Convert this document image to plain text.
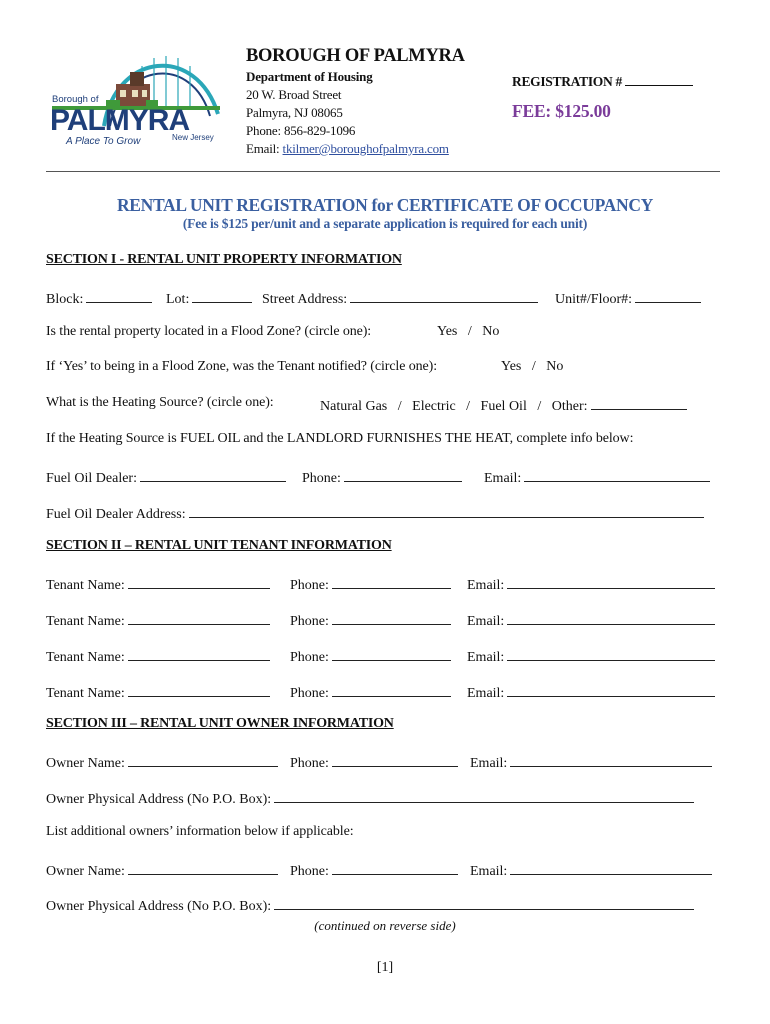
Borough of
PALMYRA
A Place To Grow	New Jersey
BOROUGH OF PALMYRA
Department of Housing
20 W. Broad Street
Palmyra, NJ 08065
Phone: 856-829-1096
Email: tkilmer@boroughofpalmyra.com
REGISTRATION #
FEE: $125.00
RENTAL UNIT REGISTRATION for CERTIFICATE OF OCCUPANCY
(Fee is $125 per/unit and a separate application is required for each unit)
SECTION I - RENTAL UNIT PROPERTY INFORMATION
Block:	Lot:	Street Address:	Unit#/Floor#:
Is the rental property located in a Flood Zone? (circle one):	Yes   /   No
If ‘Yes’ to being in a Flood Zone, was the Tenant notified? (circle one):	Yes   /   No
What is the Heating Source? (circle one):	Natural Gas   /   Electric   /   Fuel Oil   /   Other:
If the Heating Source is FUEL OIL and the LANDLORD FURNISHES THE HEAT, complete info below:
Fuel Oil Dealer:	Phone:	Email:
Fuel Oil Dealer Address:
SECTION II – RENTAL UNIT TENANT INFORMATION
Tenant Name:	Phone:	Email:
Tenant Name:	Phone:	Email:
Tenant Name:	Phone:	Email:
Tenant Name:	Phone:	Email:
SECTION III – RENTAL UNIT OWNER INFORMATION
Owner Name:	Phone:	Email:
Owner Physical Address (No P.O. Box):
List additional owners’ information below if applicable:
Owner Name:	Phone:	Email:
Owner Physical Address (No P.O. Box):
(continued on reverse side)
[1]
